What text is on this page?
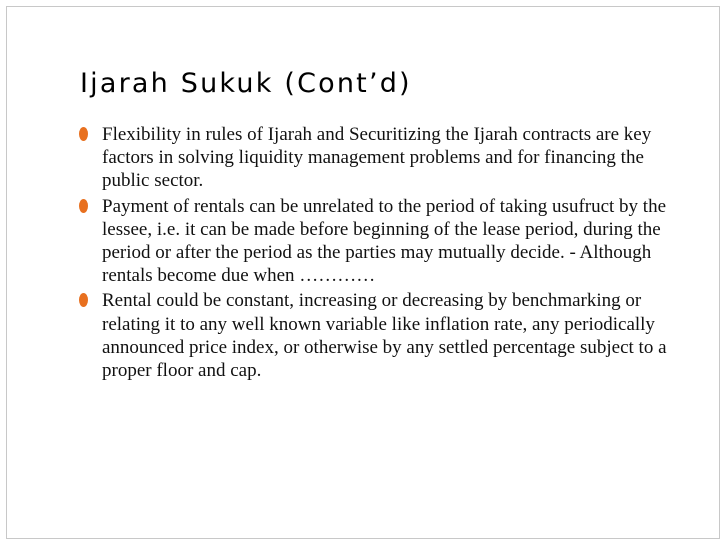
Ijarah Sukuk (Cont’d)
Flexibility in rules of Ijarah and Securitizing the Ijarah contracts are key factors in solving liquidity management problems and for financing the public sector.
Payment of rentals can be unrelated to the period of taking usufruct by the lessee, i.e. it can be made before beginning of the lease period, during the period or after the period as the parties may mutually decide. - Although rentals become due when …………
Rental could be constant, increasing or decreasing by benchmarking or relating it to any well known variable like inflation rate, any periodically announced price index, or otherwise by any settled percentage subject to a proper floor and cap.
